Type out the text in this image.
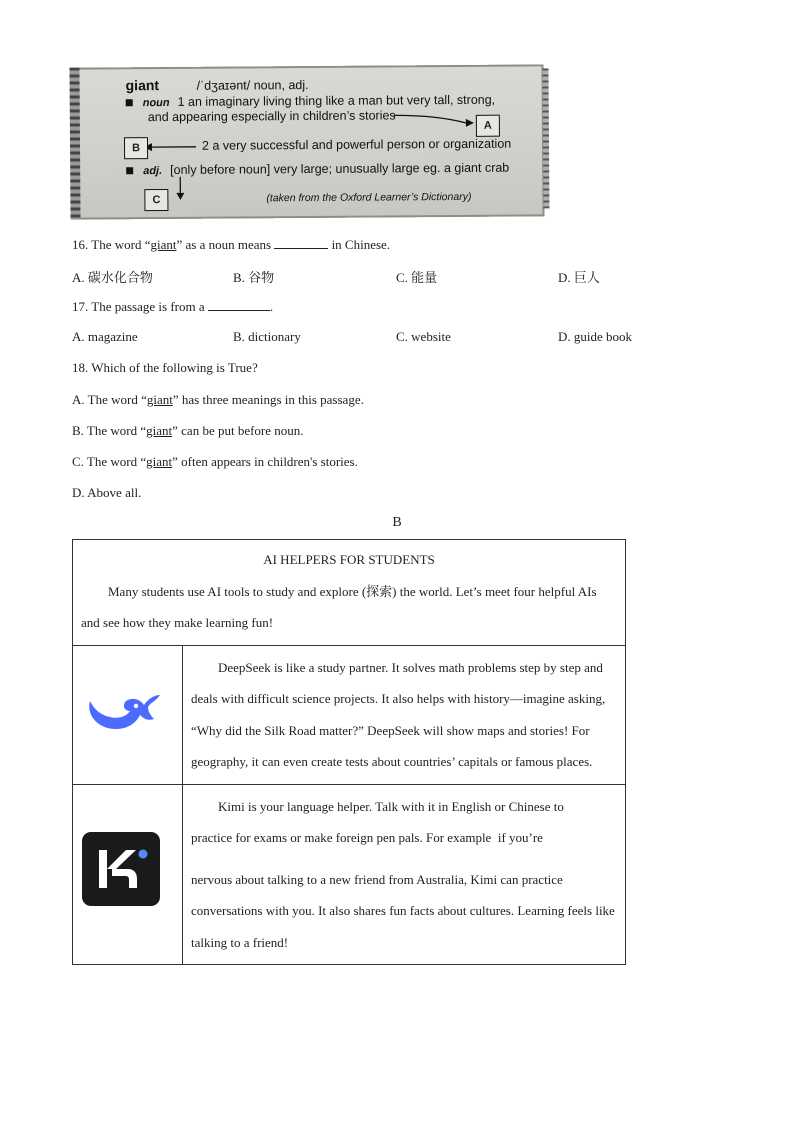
giant	/ˈdʒaɪənt/ noun, adj.
noun 1 an imaginary living thing like a man but very tall, strong,
and appearing especially in children’s stories
A
B	2 a very successful and powerful person or organization
adj. [only before noun] very large; unusually large eg. a giant crab
C	(taken from the Oxford Learner’s Dictionary)
16. The word “giant” as a noun means	in Chinese.
A. 碳水化合物	B. 谷物	C. 能量	D. 巨人
17. The passage is from a	.
A. magazine	B. dictionary	C. website	D. guide book
18. Which of the following is True?
A. The word “giant” has three meanings in this passage.
B. The word “giant” can be put before noun.
C. The word “giant” often appears in children's stories.
D. Above all.
B
AI HELPERS FOR STUDENTS

Many students use AI tools to study and explore (探索) the world. Let’s meet four helpful AIs and see how they make learning fun!	

DeepSeek is like a study partner. It solves math problems step by step and deals with difficult science projects. It also helps with history—imagine asking, “Why did the Silk Road matter?” DeepSeek will show maps and stories! For geography, it can even create tests about countries’ capitals or famous places.

Kimi is your language helper. Talk with it in English or Chinese to

practice for exams or make foreign pen pals. For example if you’re

nervous about talking to a new friend from Australia, Kimi can practice conversations with you. It also shares fun facts about cultures. Learning feels like talking to a friend!
